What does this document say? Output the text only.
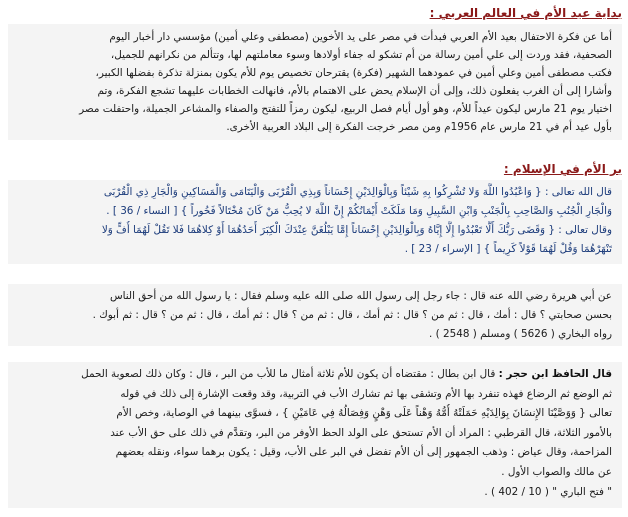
بداية عيد الأم في العالم العربي :
أما عن فكرة الاحتفال بعيد الأم العربي فبدأت في مصر على يد الأخوين (مصطفى وعلي أمين) مؤسسي دار أخبار اليوم
الصحفية، فقد وردت إلى علي أمين رسالة من أم تشكو له جفاء أولادها وسوء معاملتهم لها، وتتألم من نكرانهم للجميل،
فكتب مصطفى أمين وعلي أمين في عمودهما الشهير (فكرة) يقترحان تخصيص يوم للأم يكون بمنزلة تذكرة بفضلها الكبير،
وأشارا إلى أن الغرب يفعلون ذلك، وإلى أن الإسلام يحض على الاهتمام بالأم، فانهالت الخطابات عليهما تشجع الفكرة، وتم
اختيار يوم 21 مارس ليكون عيداً للأم، وهو أول أيام فصل الربيع، ليكون رمزاً للتفتح والصفاء والمشاعر الجميلة، واحتفلت مصر
بأول عيد أم في 21 مارس عام 1956م ومن مصر خرجت الفكرة إلى البلاد العربية الأخرى.
بر الأم في الإسلام :
قال الله تعالى : { وَاعْبُدُوا اللَّهَ وَلا تُشْرِكُوا بِهِ شَيْئاً وَبِالْوَالِدَيْنِ إِحْسَاناً وَبِذِي الْقُرْبَى وَالْيَتَامَى وَالْمَسَاكِينِ وَالْجَارِ ذِي الْقُرْبَى
وَالْجَارِ الْجُنُبِ وَالصَّاحِبِ بِالْجَنْبِ وَابْنِ السَّبِيلِ وَمَا مَلَكَتْ أَيْمَانُكُمْ إِنَّ اللَّهَ لا يُحِبُّ مَنْ كَانَ مُخْتَالاً فَخُوراً } [ النساء / 36 ] .
وقال تعالى : { وَقَضَى رَبُّكَ أَلَّا تَعْبُدُوا إِلَّا إِيَّاهُ وَبِالْوَالِدَيْنِ إِحْسَاناً إِمَّا يَبْلُغَنَّ عِنْدَكَ الْكِبَرَ أَحَدُهُمَا أَوْ كِلاهُمَا فَلا تَقُلْ لَهُمَا أُفٍّ وَلا
تَنْهَرْهُمَا وَقُلْ لَهُمَا قَوْلاً كَرِيماً } [ الإسراء / 23 ] .
عن أبي هريرة رضي الله عنه قال : جاء رجل إلى رسول الله صلى الله عليه وسلم فقال : يا رسول الله من أحق الناس
بحسن صحابتي ؟ قال : أمك ، قال : ثم من ؟ قال : ثم أمك ، قال : ثم من ؟ قال : ثم أمك ، قال : ثم من ؟ قال : ثم أبوك .
رواه البخاري ( 5626 ) ومسلم ( 2548 ) .
قال الحافظ ابن حجر : قال ابن بطال : مقتضاه أن يكون للأم ثلاثة أمثال ما للأب من البر ، قال : وكان ذلك لصعوبة الحمل
ثم الوضع ثم الرضاع فهذه تنفرد بها الأم وتشقى بها ثم تشارك الأب في التربية، وقد وقعت الإشارة إلى ذلك في قوله
تعالى { وَوَصَّيْنَا الإِنسَانَ بِوَالِدَيْهِ حَمَلَتْهُ أُمُّهُ وَهْناً عَلَى وَهْنٍ وَفِصَالُهُ فِي عَامَيْنِ } ، فسوَّى بينهما في الوصاية، وخص الأم
بالأمور الثلاثة، قال القرطبي : المراد أن الأم تستحق على الولد الحظ الأوفر من البر، وتقدَّم في ذلك على حق الأب عند
المزاحمة، وقال عياض : وذهب الجمهور إلى أن الأم تفضل في البر على الأب، وقيل : يكون برهما سواء، ونقله بعضهم
عن مالك والصواب الأول .
" فتح الباري " ( 10 / 402 ) .
